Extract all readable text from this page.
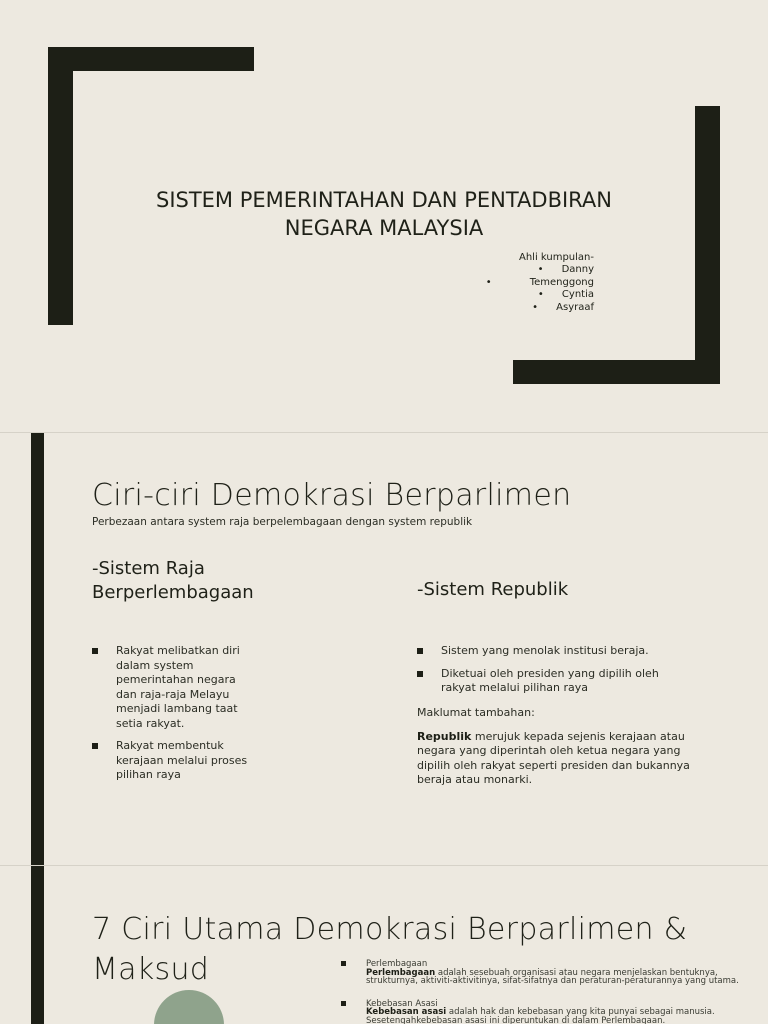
SISTEM PEMERINTAHAN DAN PENTADBIRAN
NEGARA MALAYSIA
Ahli kumpulan-
•	Danny
•	Temenggong
•	Cyntia
•	Asyraaf
Ciri-ciri Demokrasi Berparlimen
Perbezaan antara system raja berpelembagaan dengan system republik
-Sistem Raja
Berperlembagaan	-Sistem Republik
Rakyat melibatkan diri dalam system pemerintahan negara dan raja-raja Melayu menjadi lambang taat setia rakyat.
Rakyat membentuk kerajaan melalui proses pilihan raya
Sistem yang menolak institusi beraja.
Diketuai oleh presiden yang dipilih oleh rakyat melalui pilihan raya

Maklumat tambahan:

Republik merujuk kepada sejenis kerajaan atau negara yang diperintah oleh ketua negara yang dipilih oleh rakyat seperti presiden dan bukannya beraja atau monarki.

7 Ciri Utama Demokrasi Berparlimen &
Maksud	Perlembagaan
Perlembagaan adalah sesebuah organisasi atau negara menjelaskan bentuknya, strukturnya, aktiviti-aktivitinya, sifat-sifatnya dan peraturan-peraturannya yang utama.
Kebebasan Asasi
Kebebasan asasi adalah hak dan kebebasan yang kita punyai sebagai manusia. Sesetengahkebebasan asasi ini diperuntukan di dalam Perlembagaan.
